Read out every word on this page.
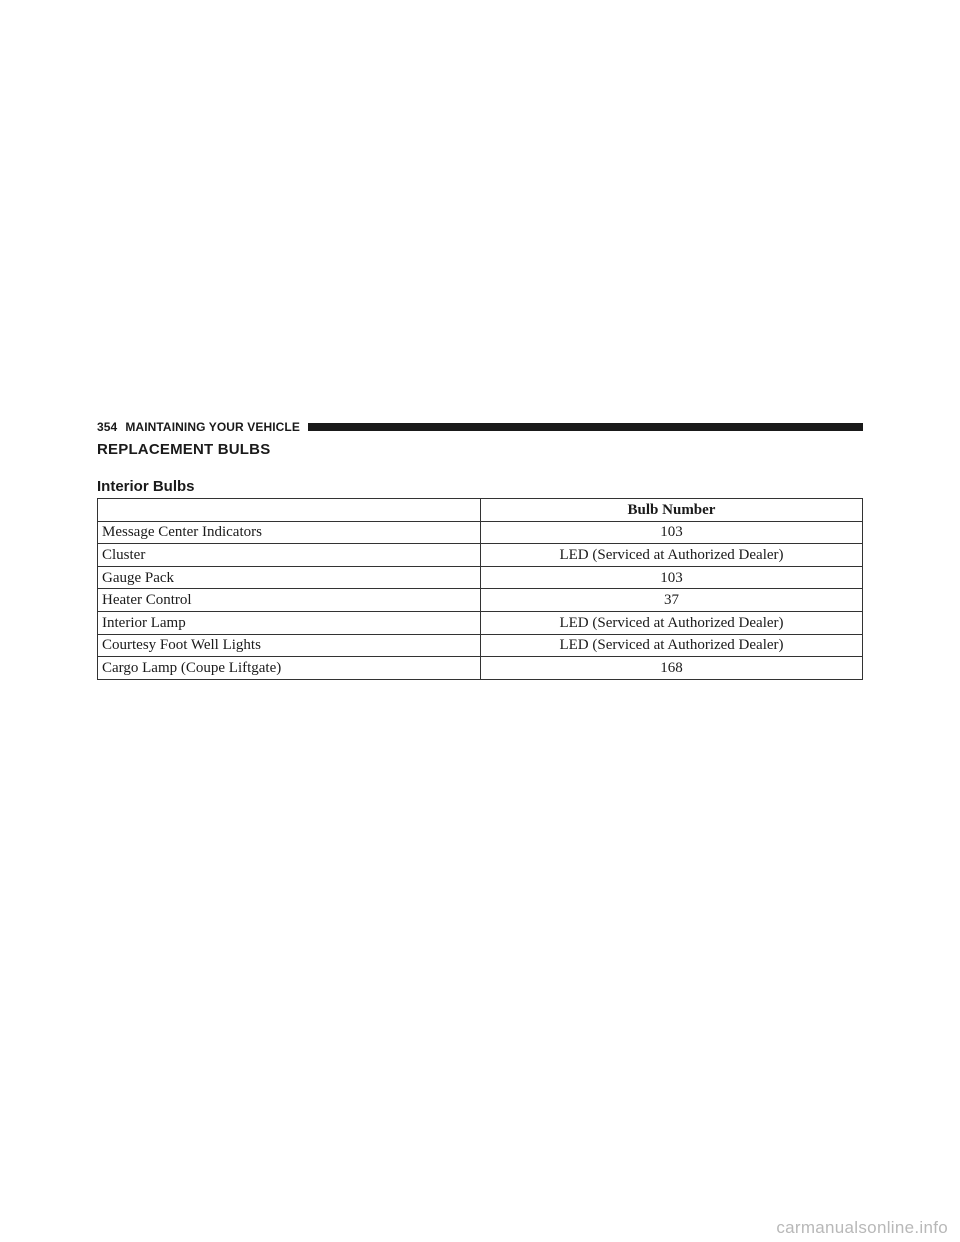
354 MAINTAINING YOUR VEHICLE
REPLACEMENT BULBS
Interior Bulbs
	Bulb Number
Message Center Indicators	103
Cluster	LED (Serviced at Authorized Dealer)
Gauge Pack	103
Heater Control	37
Interior Lamp	LED (Serviced at Authorized Dealer)
Courtesy Foot Well Lights	LED (Serviced at Authorized Dealer)
Cargo Lamp (Coupe Liftgate)	168
carmanualsonline.info
